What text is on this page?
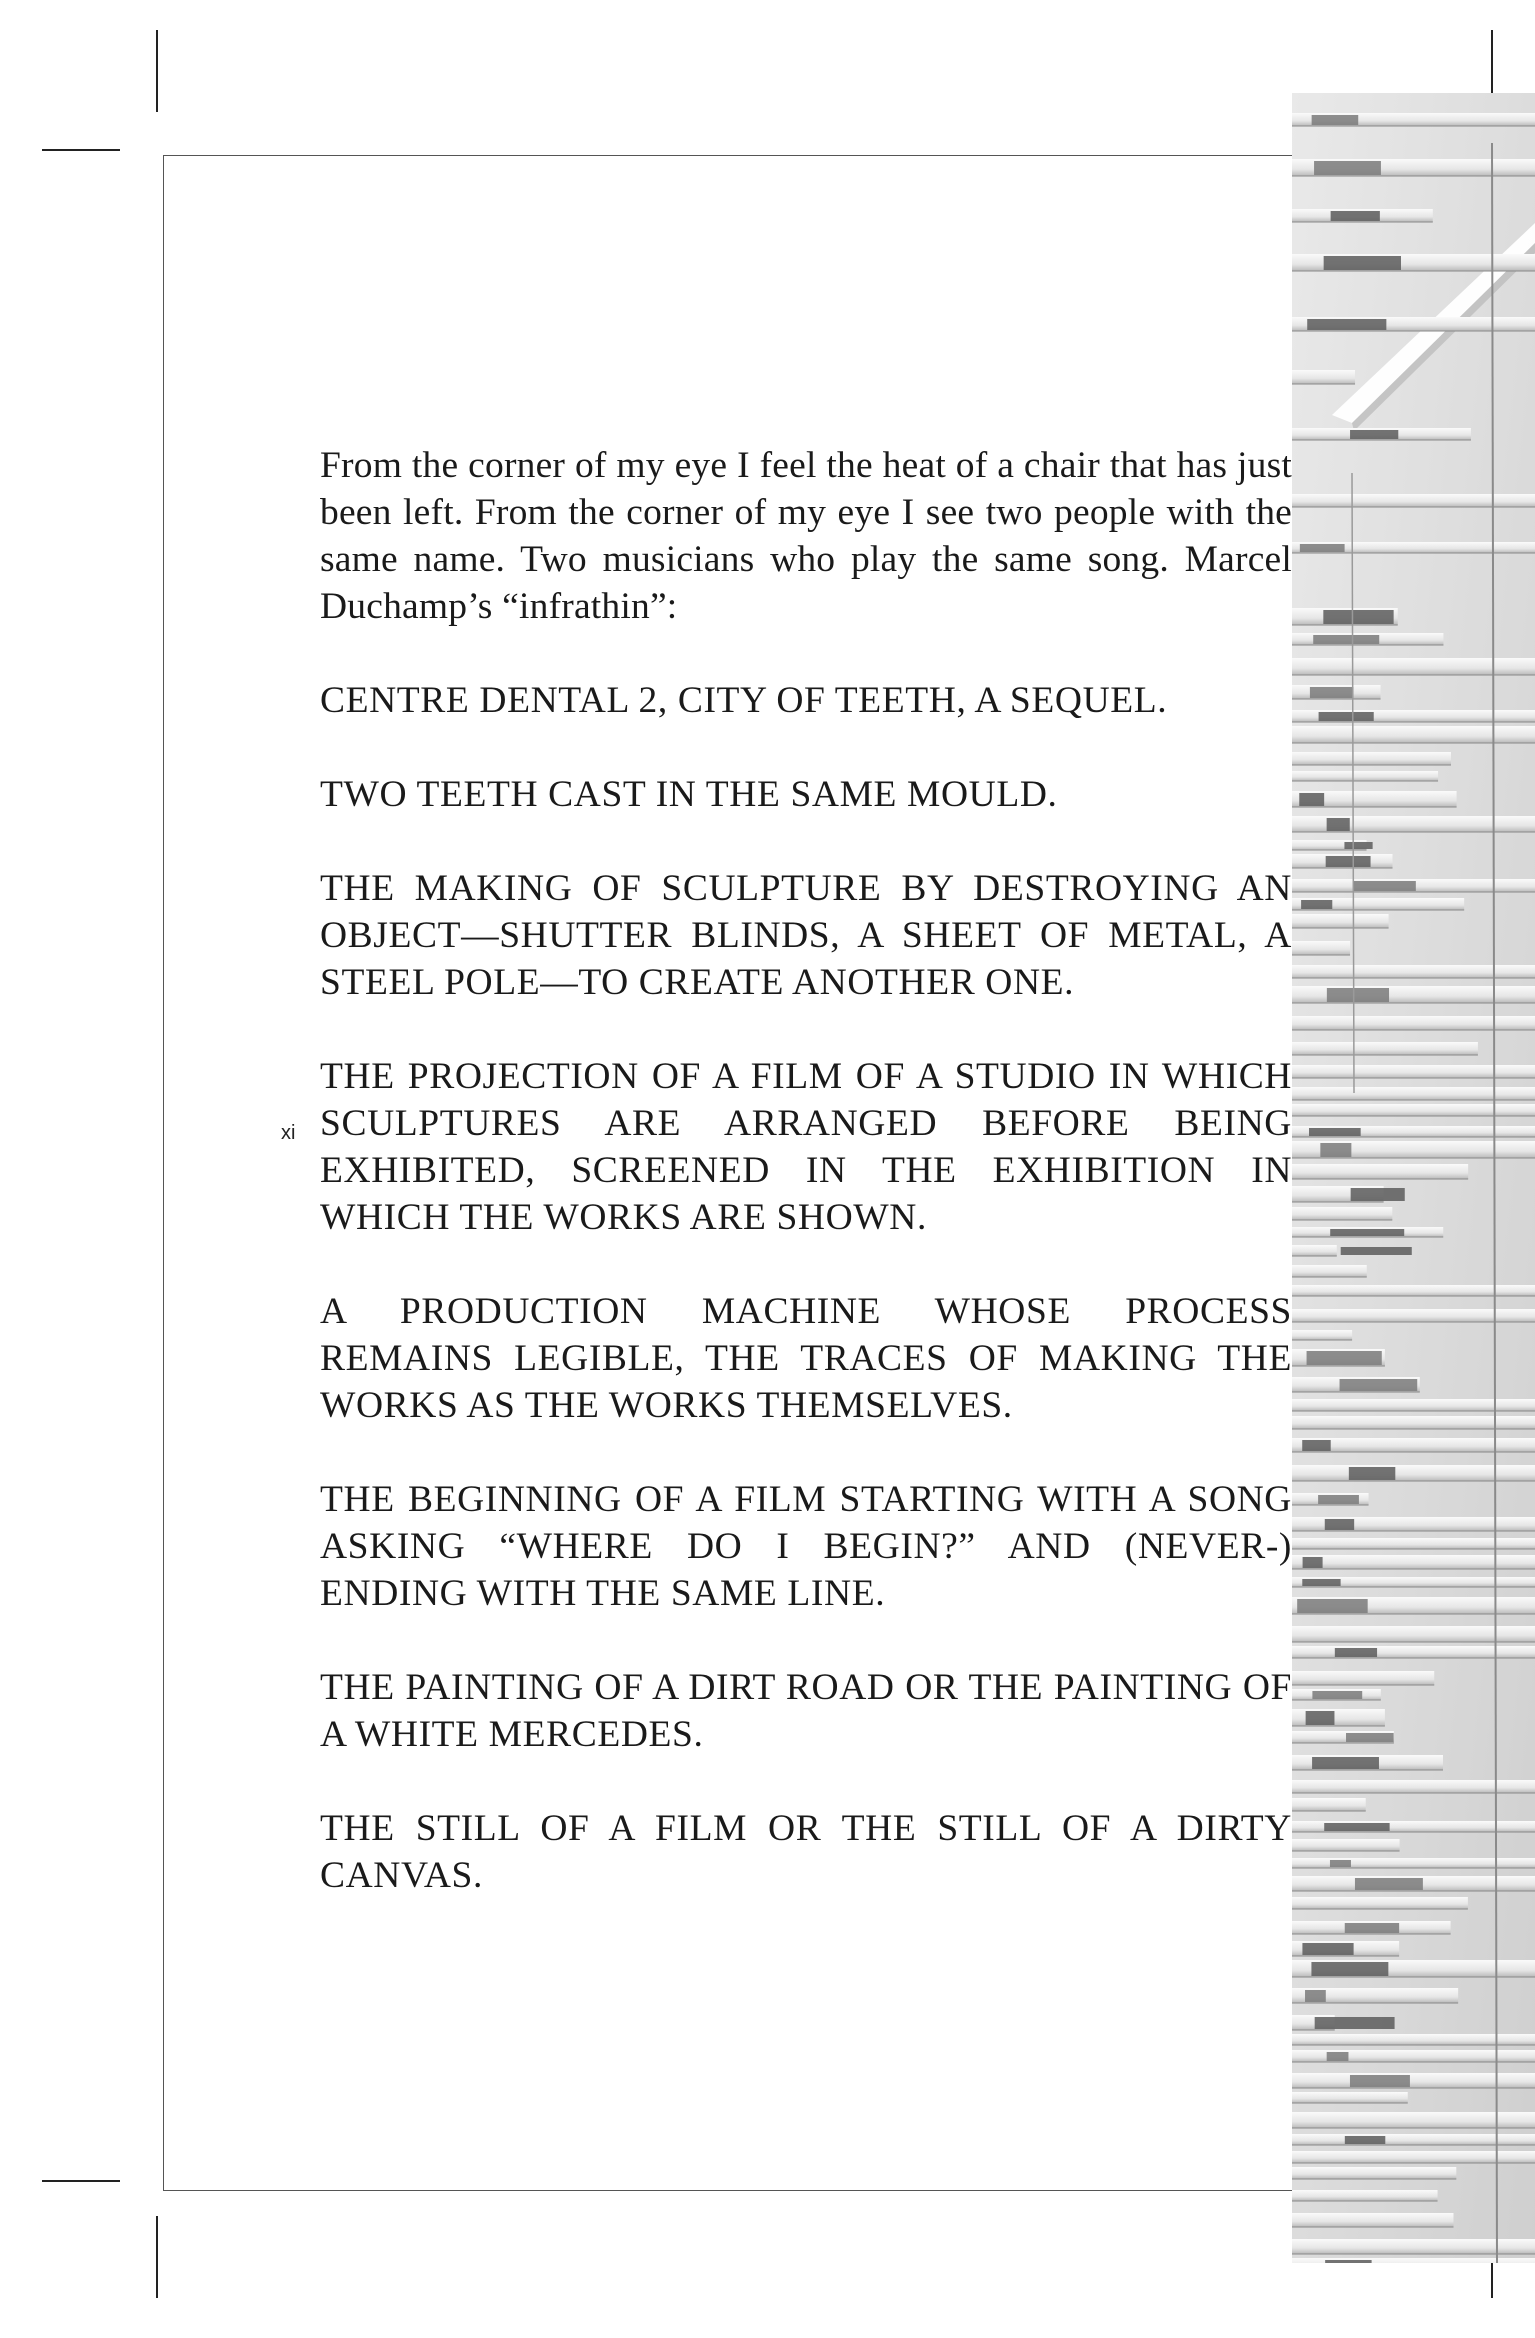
xi

From the corner of my eye I feel the heat of a chair that has just been left. From the corner of my eye I see two people with the same name. Two musicians who play the same song. Marcel Duchamp’s “infrathin”:

CENTRE DENTAL 2, CITY OF TEETH, A SEQUEL.

TWO TEETH CAST IN THE SAME MOULD.

THE MAKING OF SCULPTURE BY DESTROYING AN OBJECT—SHUTTER BLINDS, A SHEET OF METAL, A STEEL POLE—TO CREATE ANOTHER ONE.

THE PROJECTION OF A FILM OF A STUDIO IN WHICH SCULPTURES ARE ARRANGED BEFORE BEING EXHIBITED, SCREENED IN THE EXHIBITION IN WHICH THE WORKS ARE SHOWN.

A PRODUCTION MACHINE WHOSE PROCESS REMAINS LEGIBLE, THE TRACES OF MAKING THE WORKS AS THE WORKS THEMSELVES.

THE BEGINNING OF A FILM STARTING WITH A SONG ASKING “WHERE DO I BEGIN?” AND (NEVER-) ENDING WITH THE SAME LINE.

THE PAINTING OF A DIRT ROAD OR THE PAINTING OF A WHITE MERCEDES.

THE STILL OF A FILM OR THE STILL OF A DIRTY CANVAS.
